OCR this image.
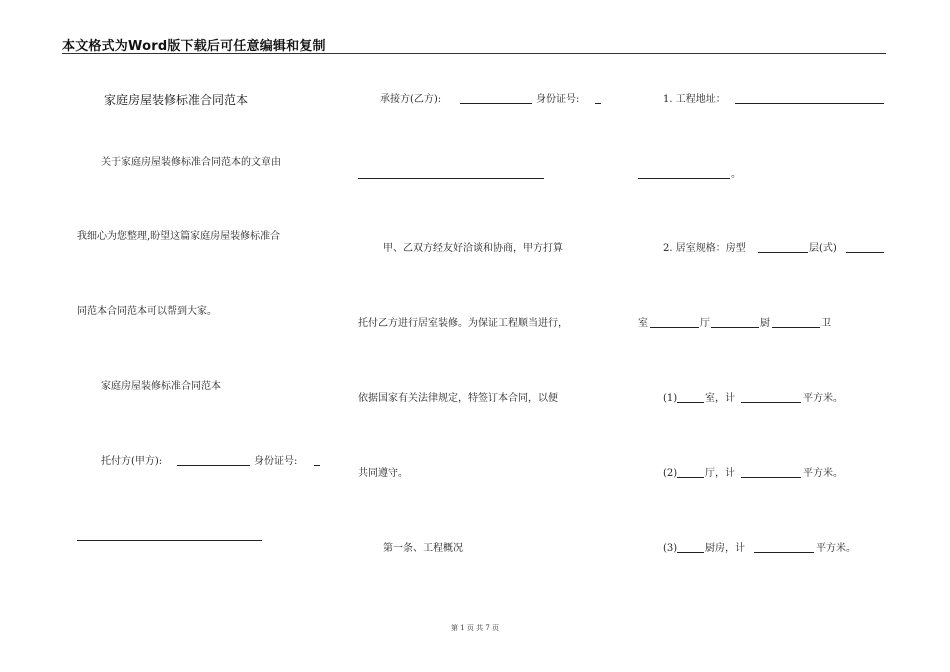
本文格式为Word版下载后可任意编辑和复制
家庭房屋装修标准合同范本
关于家庭房屋装修标准合同范本的文章由
我细心为您整理,盼望这篇家庭房屋装修标准合
同范本合同范本可以帮到大家。
家庭房屋装修标准合同范本
托付方(甲方):	身份证号:
承接方(乙方):	身份证号:
甲、乙双方经友好洽谈和协商，甲方打算
托付乙方进行居室装修。为保证工程顺当进行，
依据国家有关法律规定，特签订本合同，以便
共同遵守。
第一条、工程概况
1. 工程地址：
。
2. 居室规格：房型	层(式)
室	厅	厨	卫
(1)	室，计	平方米。
(2)	厅，计	平方米。
(3)	厨房，计	平方米。
第 1 页 共 7 页
